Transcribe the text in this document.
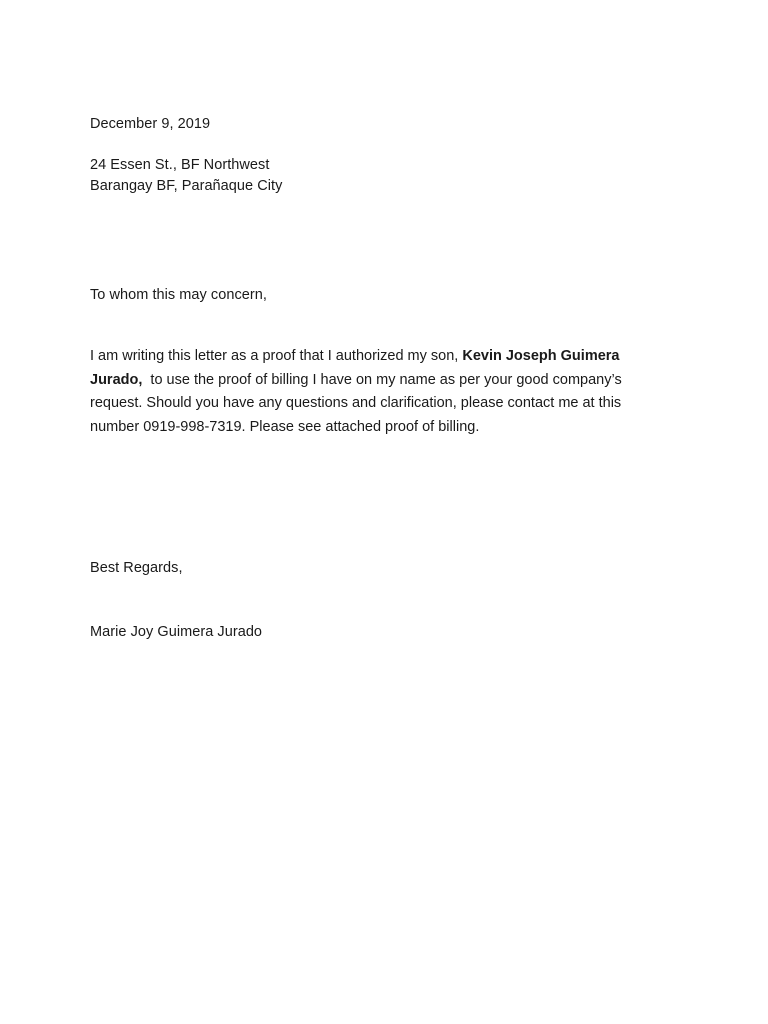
December 9, 2019
24 Essen St., BF Northwest
Barangay BF, Parañaque City
To whom this may concern,
I am writing this letter as a proof that I authorized my son, Kevin Joseph Guimera
Jurado,  to use the proof of billing I have on my name as per your good company’s
request. Should you have any questions and clarification, please contact me at this
number 0919-998-7319. Please see attached proof of billing.
Best Regards,
Marie Joy Guimera Jurado
